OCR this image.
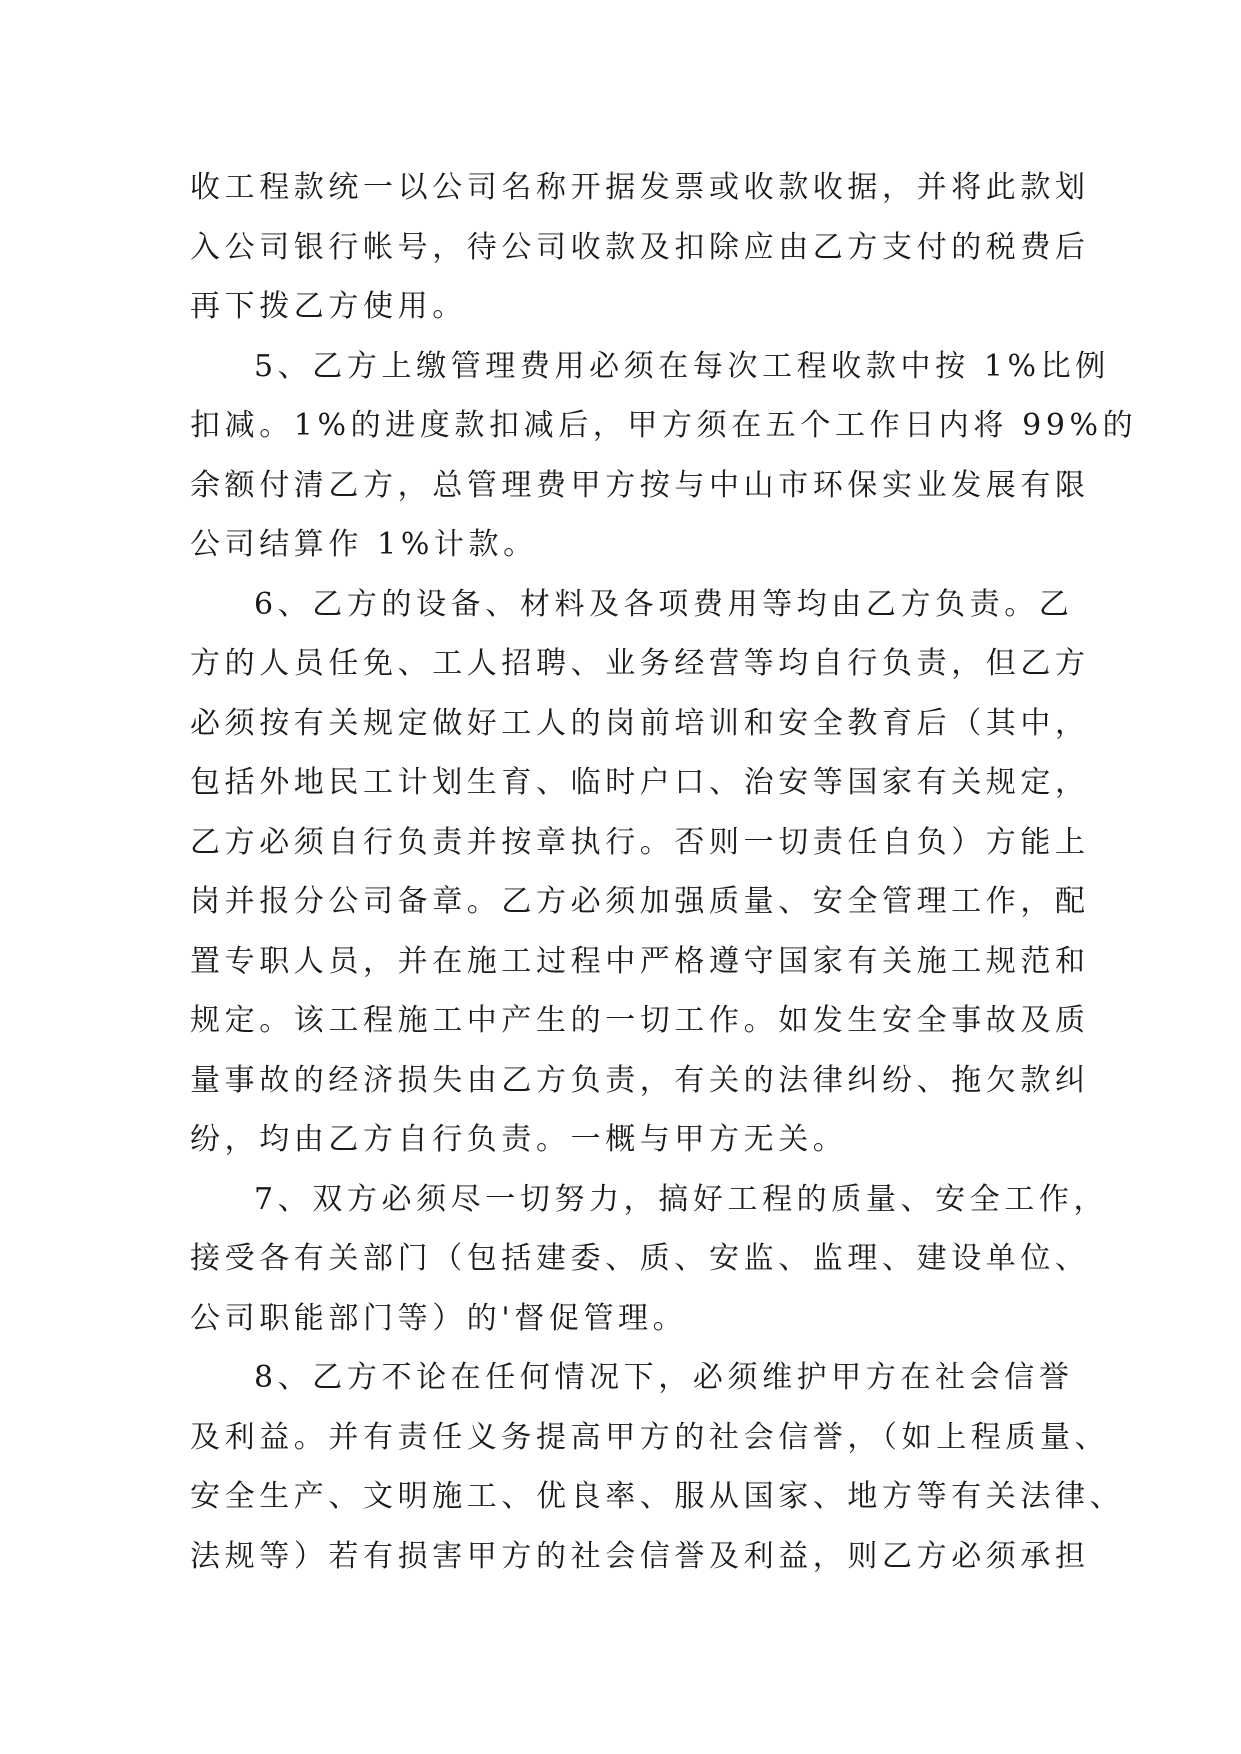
收工程款统一以公司名称开据发票或收款收据，并将此款划
入公司银行帐号，待公司收款及扣除应由乙方支付的税费后
再下拨乙方使用。
5、乙方上缴管理费用必须在每次工程收款中按 1%比例
扣减。1%的进度款扣减后，甲方须在五个工作日内将 99%的
余额付清乙方，总管理费甲方按与中山市环保实业发展有限
公司结算作 1%计款。
6、乙方的设备、材料及各项费用等均由乙方负责。乙
方的人员任免、工人招聘、业务经营等均自行负责，但乙方
必须按有关规定做好工人的岗前培训和安全教育后（其中，
包括外地民工计划生育、临时户口、治安等国家有关规定，
乙方必须自行负责并按章执行。否则一切责任自负）方能上
岗并报分公司备章。乙方必须加强质量、安全管理工作，配
置专职人员，并在施工过程中严格遵守国家有关施工规范和
规定。该工程施工中产生的一切工作。如发生安全事故及质
量事故的经济损失由乙方负责，有关的法律纠纷、拖欠款纠
纷，均由乙方自行负责。一概与甲方无关。
7、双方必须尽一切努力，搞好工程的质量、安全工作，
接受各有关部门（包括建委、质、安监、监理、建设单位、
公司职能部门等）的'督促管理。
8、乙方不论在任何情况下，必须维护甲方在社会信誉
及利益。并有责任义务提高甲方的社会信誉，（如上程质量、
安全生产、文明施工、优良率、服从国家、地方等有关法律、
法规等）若有损害甲方的社会信誉及利益，则乙方必须承担
